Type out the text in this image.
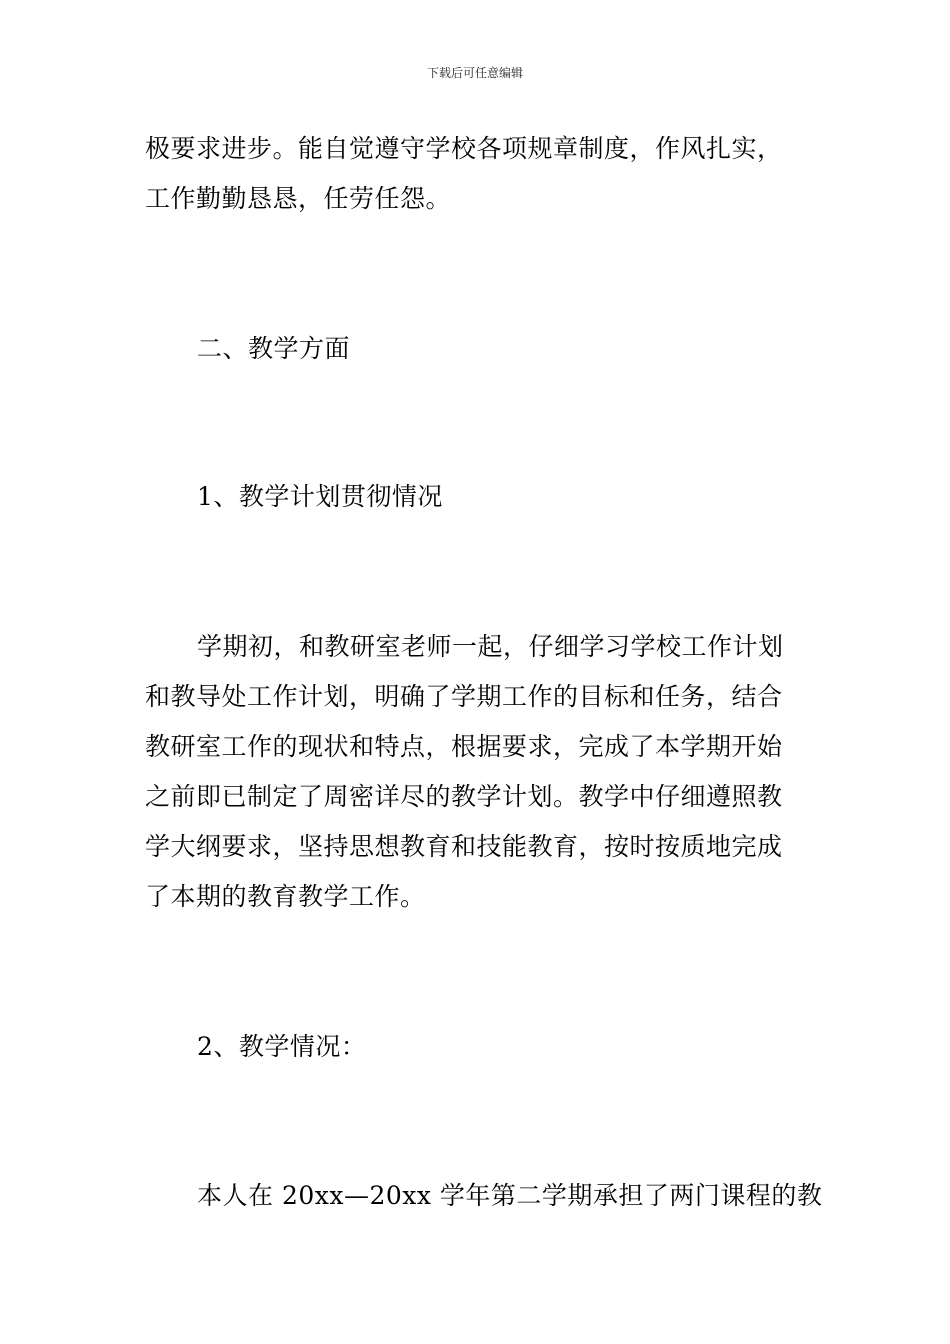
下载后可任意编辑
极要求进步。能自觉遵守学校各项规章制度，作风扎实，
工作勤勤恳恳，任劳任怨。
二、教学方面
1、教学计划贯彻情况
学期初，和教研室老师一起，仔细学习学校工作计划
和教导处工作计划，明确了学期工作的目标和任务，结合
教研室工作的现状和特点，根据要求，完成了本学期开始
之前即已制定了周密详尽的教学计划。教学中仔细遵照教
学大纲要求，坚持思想教育和技能教育，按时按质地完成
了本期的教育教学工作。
2、教学情况：
本人在 20xx—20xx 学年第二学期承担了两门课程的教
